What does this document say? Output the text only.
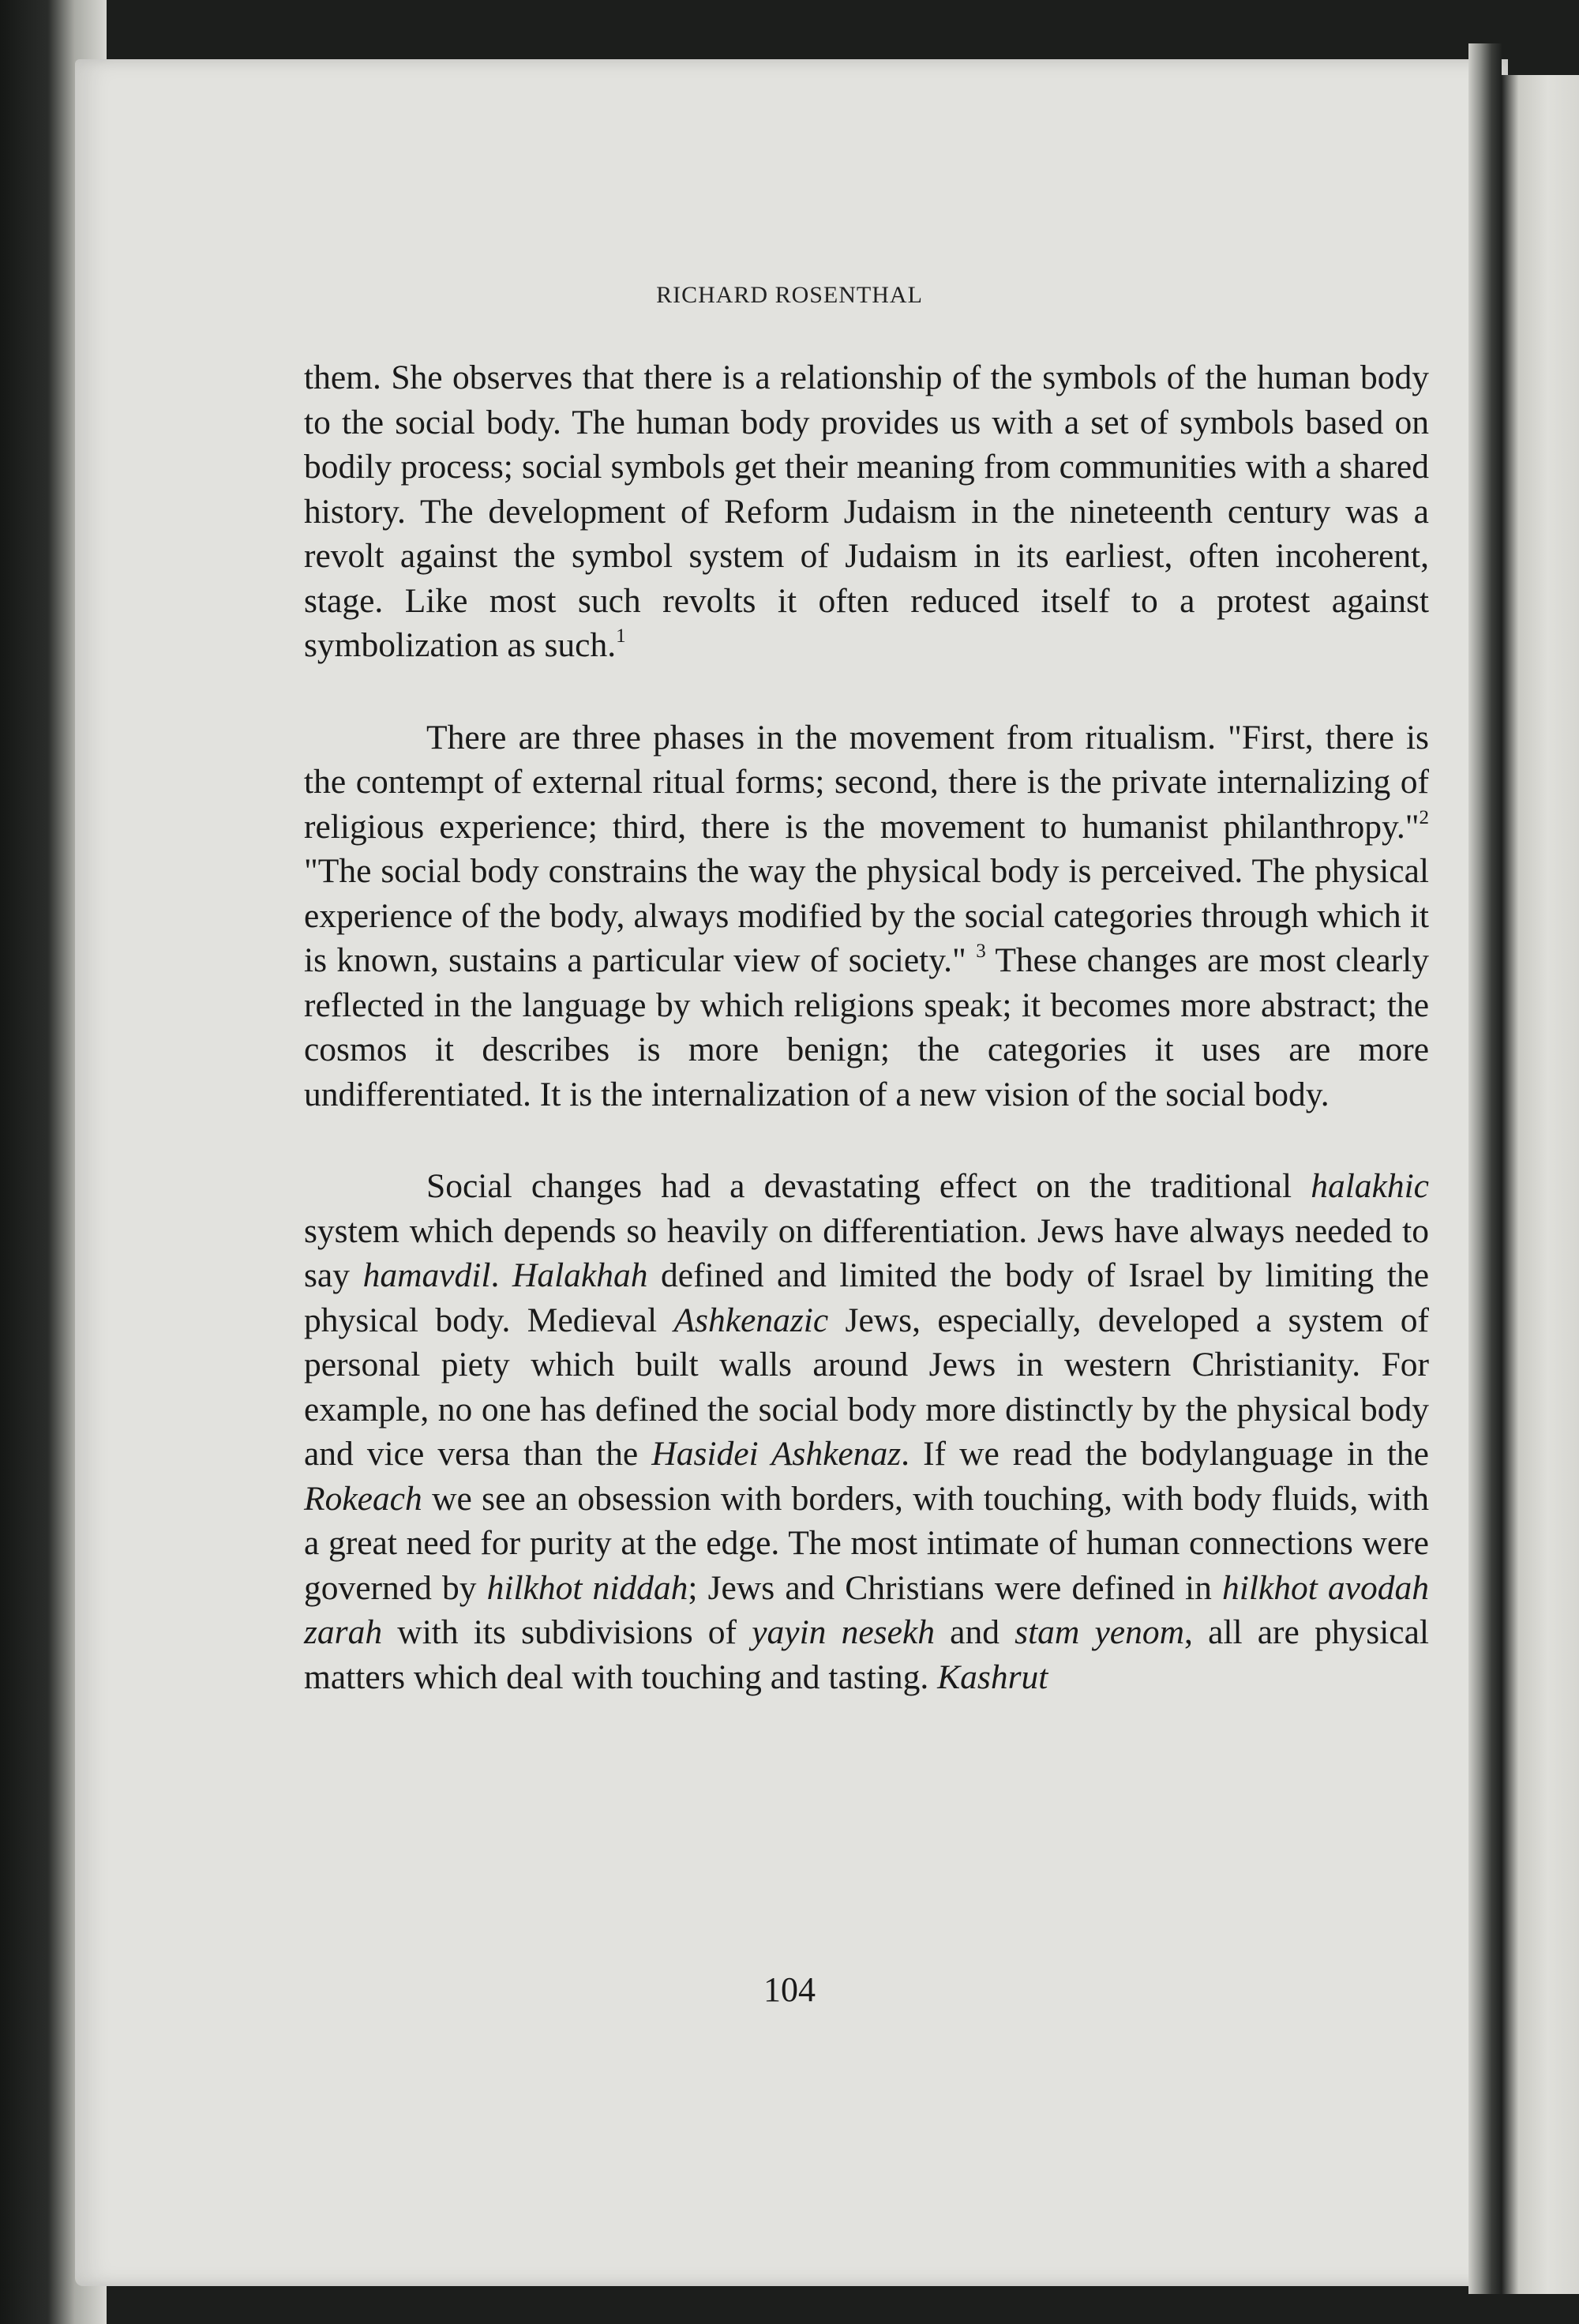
RICHARD ROSENTHAL

them. She observes that there is a relationship of the symbols of the human body to the social body. The human body provides us with a set of symbols based on bodily process; social symbols get their meaning from communities with a shared history. The development of Reform Judaism in the nineteenth century was a revolt against the symbol system of Judaism in its earliest, often incoherent, stage. Like most such revolts it often reduced itself to a protest against symbolization as such.$^1$

There are three phases in the movement from ritualism. "First, there is the contempt of external ritual forms; second, there is the private internalizing of religious experience; third, there is the movement to humanist philanthropy."$^2$ "The social body constrains the way the physical body is perceived. The physical experience of the body, always modified by the social categories through which it is known, sustains a particular view of society." $^3$ These changes are most clearly reflected in the language by which religions speak; it becomes more abstract; the cosmos it describes is more benign; the categories it uses are more undifferentiated. It is the internalization of a new vision of the social body.

Social changes had a devastating effect on the traditional halakhic system which depends so heavily on differentiation. Jews have always needed to say hamavdil. Halakhah defined and limited the body of Israel by limiting the physical body. Medieval Ashkenazic Jews, especially, developed a system of personal piety which built walls around Jews in western Christianity. For example, no one has defined the social body more distinctly by the physical body and vice versa than the Hasidei Ashkenaz. If we read the bodylanguage in the Rokeach we see an obsession with borders, with touching, with body fluids, with a great need for purity at the edge. The most intimate of human connections were governed by hilkhot niddah; Jews and Christians were defined in hilkhot avodah zarah with its subdivisions of yayin nesekh and stam yenom, all are physical matters which deal with touching and tasting. Kashrut

104
